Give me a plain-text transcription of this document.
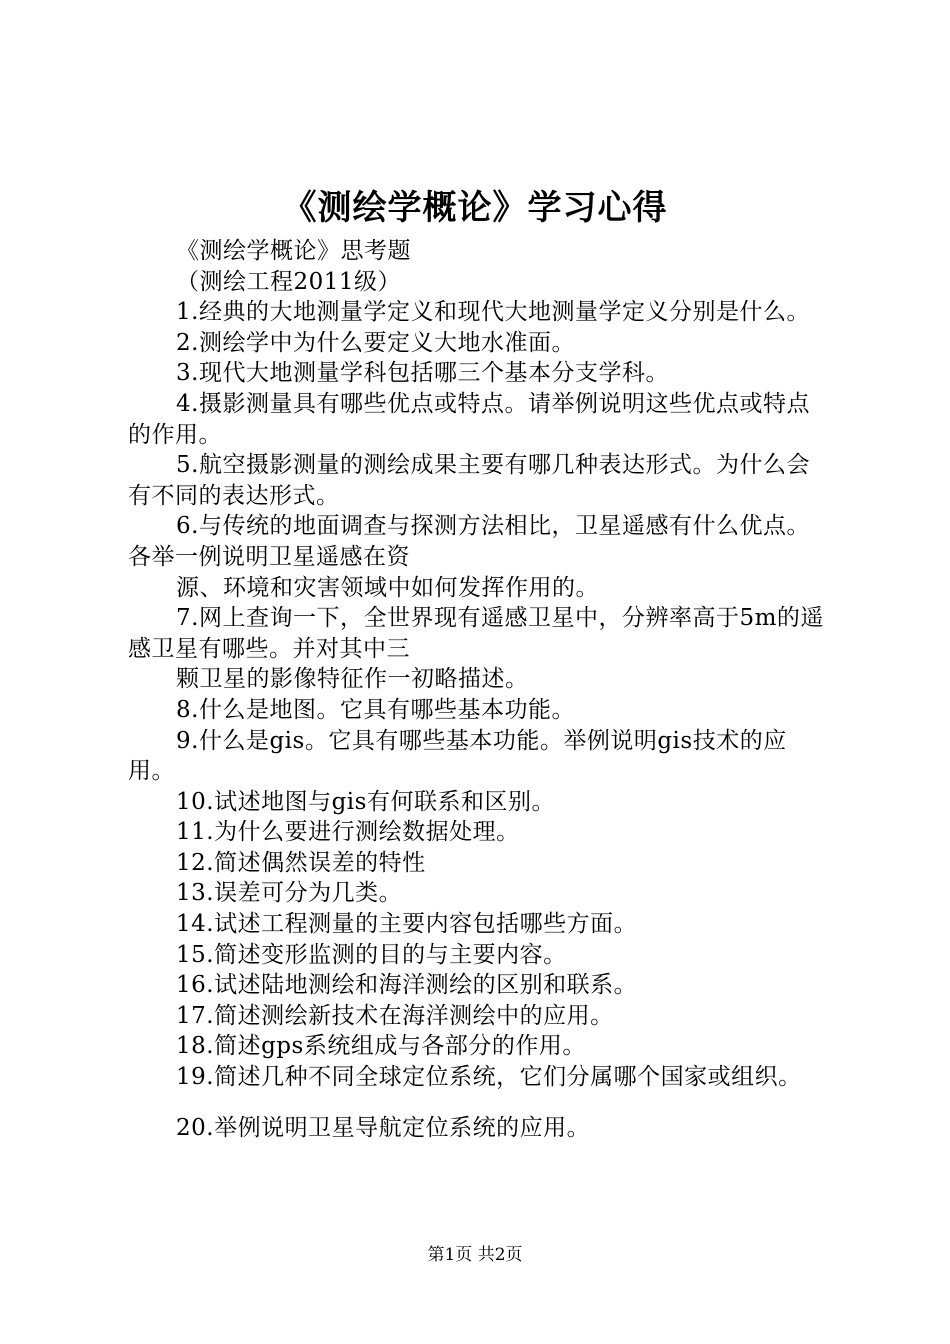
《测绘学概论》学习心得

《测绘学概论》思考题

（测绘工程2011级）

1.经典的大地测量学定义和现代大地测量学定义分别是什么。

2.测绘学中为什么要定义大地水准面。

3.现代大地测量学科包括哪三个基本分支学科。

4.摄影测量具有哪些优点或特点。请举例说明这些优点或特点的作用。

5.航空摄影测量的测绘成果主要有哪几种表达形式。为什么会有不同的表达形式。

6.与传统的地面调查与探测方法相比，卫星遥感有什么优点。各举一例说明卫星遥感在资

源、环境和灾害领域中如何发挥作用的。

7.网上查询一下，全世界现有遥感卫星中，分辨率高于5m的遥感卫星有哪些。并对其中三

颗卫星的影像特征作一初略描述。

8.什么是地图。它具有哪些基本功能。

9.什么是gis。它具有哪些基本功能。举例说明gis技术的应用。

10.试述地图与gis有何联系和区别。

11.为什么要进行测绘数据处理。

12.简述偶然误差的特性

13.误差可分为几类。

14.试述工程测量的主要内容包括哪些方面。

15.简述变形监测的目的与主要内容。

16.试述陆地测绘和海洋测绘的区别和联系。

17.简述测绘新技术在海洋测绘中的应用。

18.简述gps系统组成与各部分的作用。

19.简述几种不同全球定位系统，它们分属哪个国家或组织。

20.举例说明卫星导航定位系统的应用。

第1页 共2页
